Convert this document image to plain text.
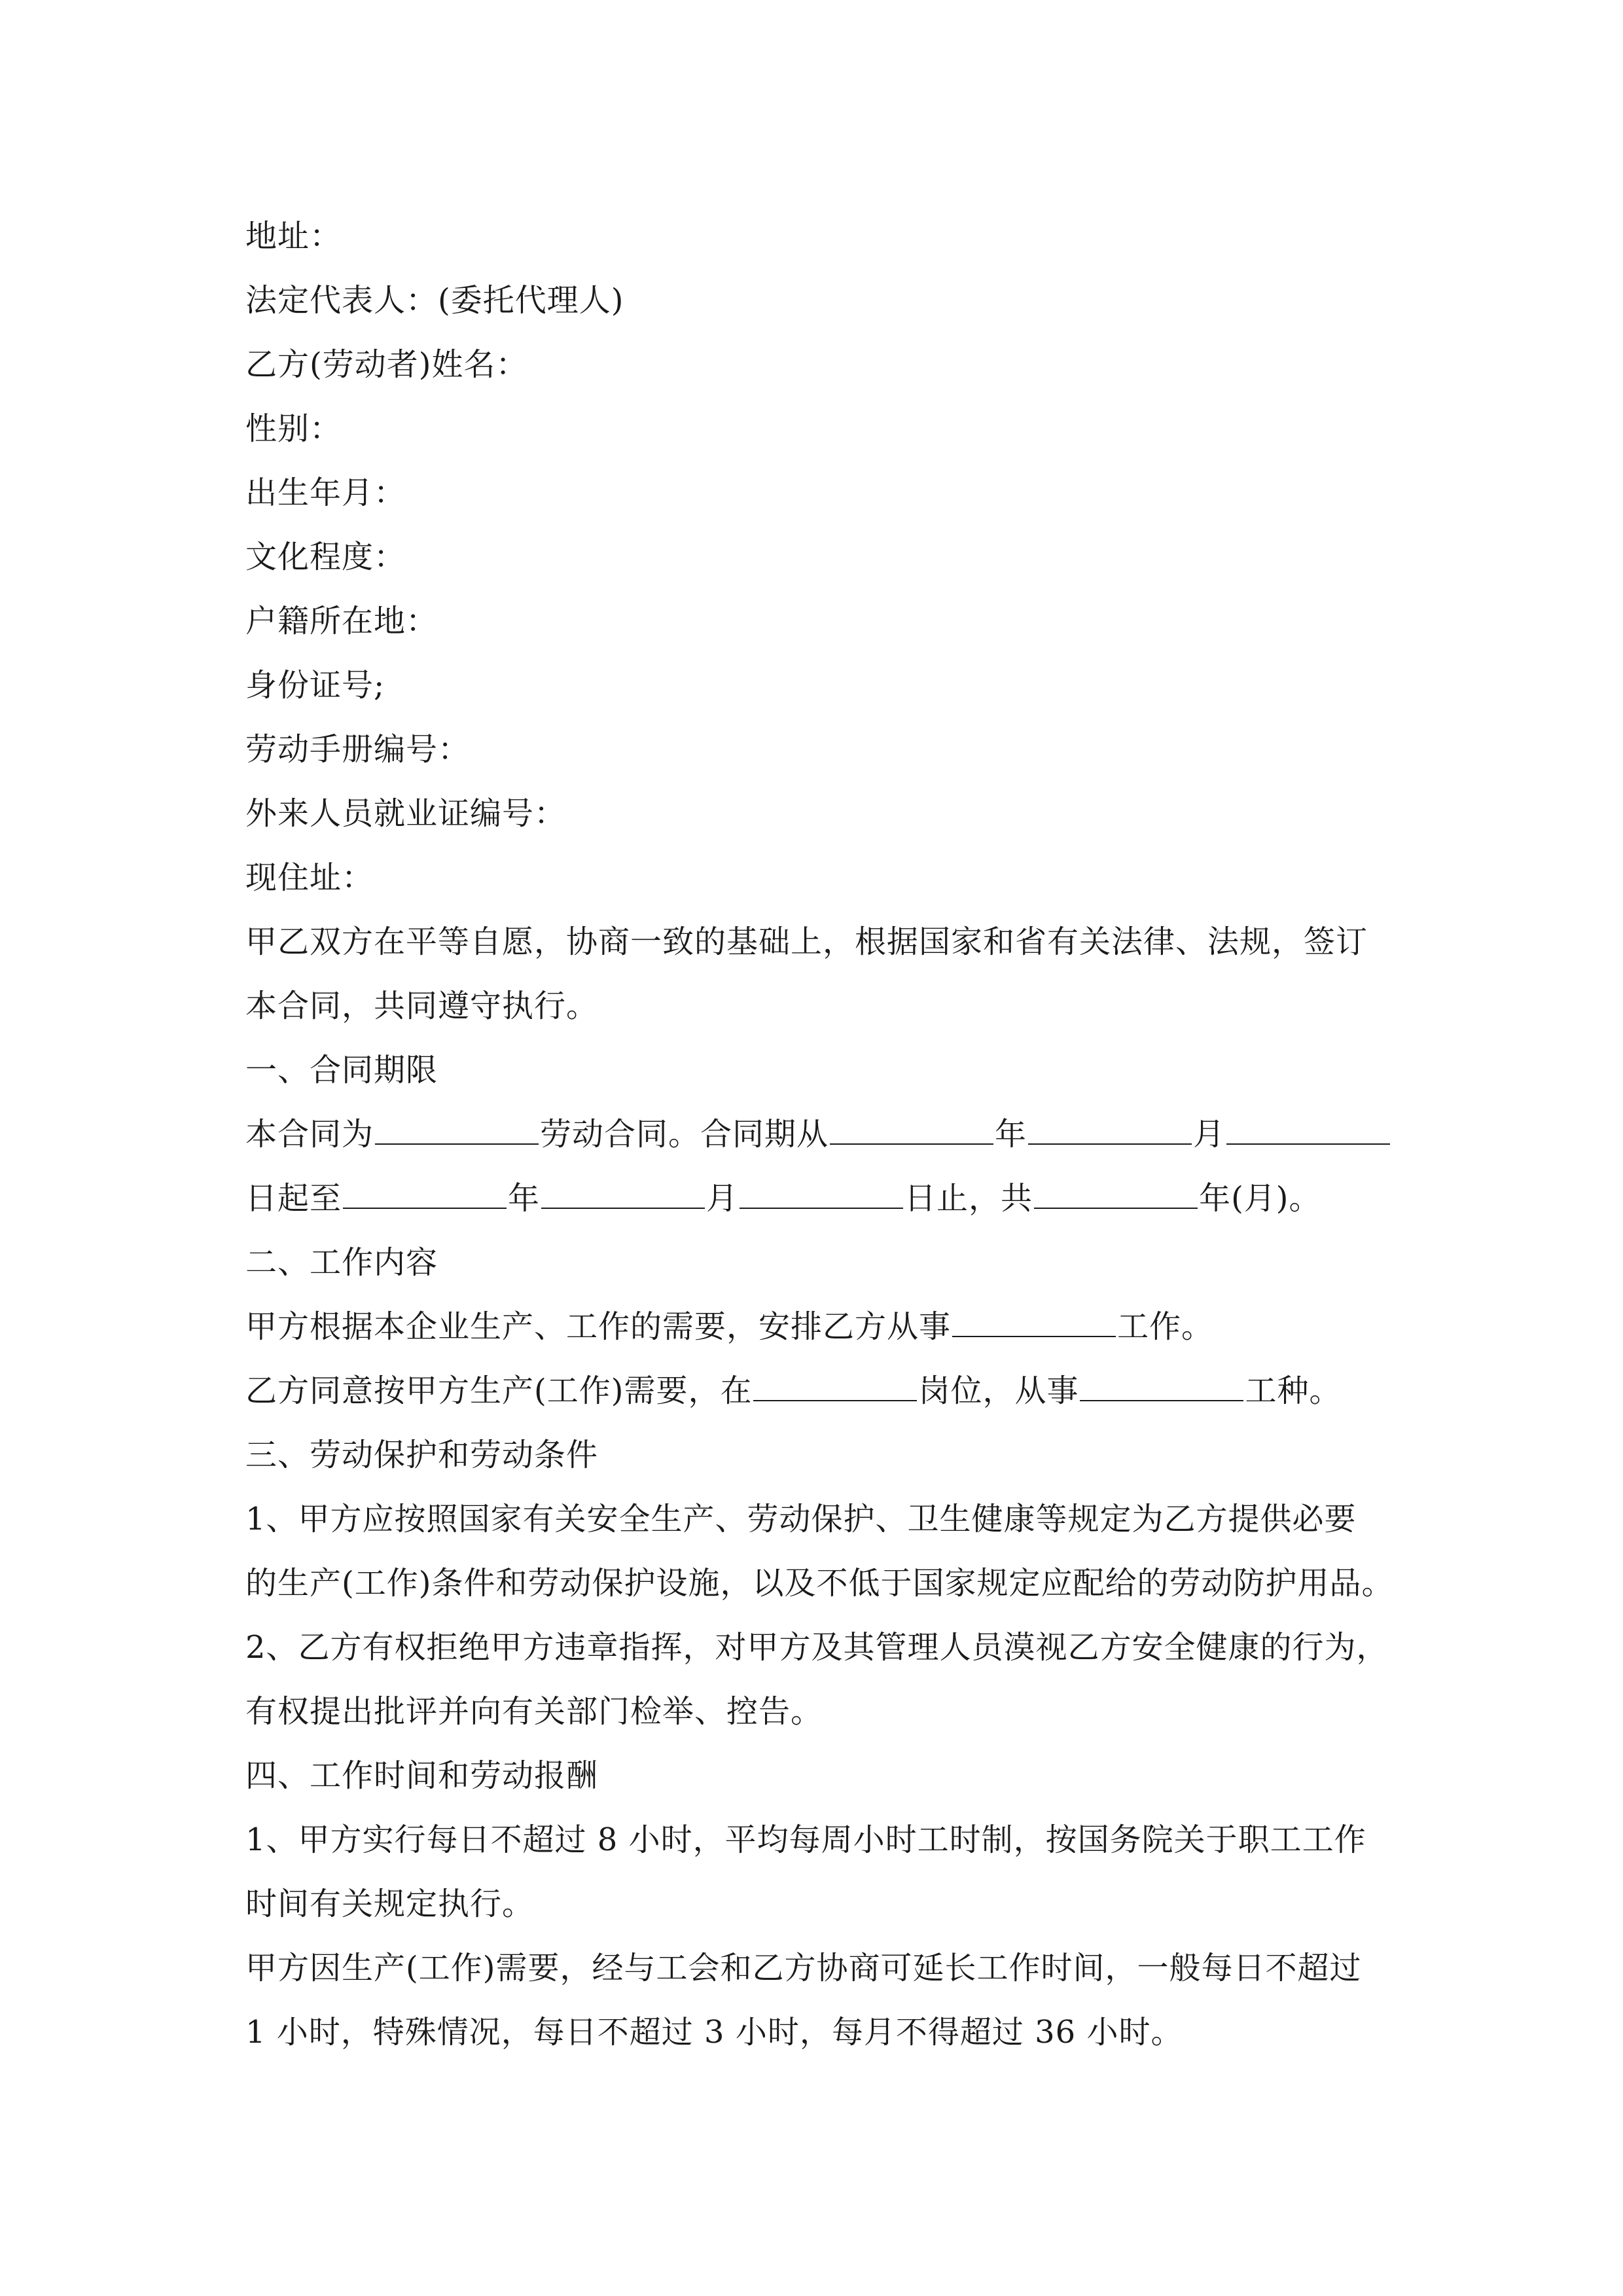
地址：
法定代表人：(委托代理人)
乙方(劳动者)姓名：
性别：
出生年月：
文化程度：
户籍所在地：
身份证号;
劳动手册编号：
外来人员就业证编号：
现住址：
甲乙双方在平等自愿，协商一致的基础上，根据国家和省有关法律、法规，签订
本合同，共同遵守执行。
一、合同期限
本合同为	劳动合同。合同期从	年	月
日起至	年	月	日止，共	年(月)。
二、工作内容
甲方根据本企业生产、工作的需要，安排乙方从事	工作。
乙方同意按甲方生产(工作)需要，在	岗位，从事	工种。
三、劳动保护和劳动条件
1、甲方应按照国家有关安全生产、劳动保护、卫生健康等规定为乙方提供必要
的生产(工作)条件和劳动保护设施，以及不低于国家规定应配给的劳动防护用品。
2、乙方有权拒绝甲方违章指挥，对甲方及其管理人员漠视乙方安全健康的行为，
有权提出批评并向有关部门检举、控告。
四、工作时间和劳动报酬
1、甲方实行每日不超过 8 小时，平均每周小时工时制，按国务院关于职工工作
时间有关规定执行。
甲方因生产(工作)需要，经与工会和乙方协商可延长工作时间，一般每日不超过
1 小时，特殊情况，每日不超过 3 小时，每月不得超过 36 小时。
